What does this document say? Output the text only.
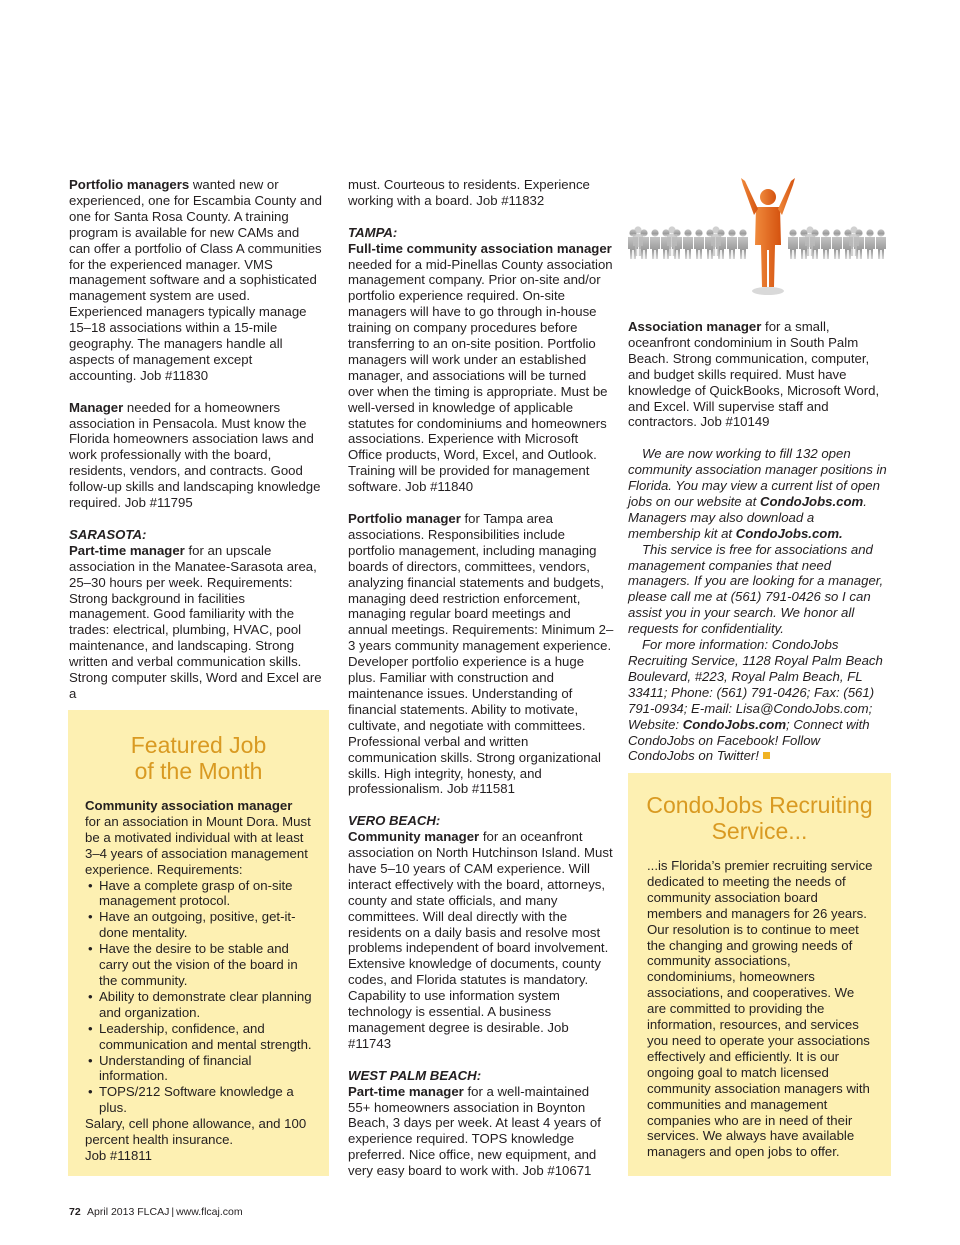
Portfolio managers wanted new or experienced, one for Escambia County and one for Santa Rosa County. A training program is available for new CAMs and can offer a portfolio of Class A communities for the experienced manager. VMS management software and a sophisticated management system are used. Experienced managers typically manage 15–18 associations within a 15-mile geography. The managers handle all aspects of management except accounting. Job #11830

Manager needed for a homeowners association in Pensacola. Must know the Florida homeowners association laws and work professionally with the board, residents, vendors, and contracts. Good follow-up skills and landscaping knowledge required. Job #11795

SARASOTA:

Part-time manager for an upscale association in the Manatee-Sarasota area, 25–30 hours per week. Requirements: Strong background in facilities management. Good familiarity with the trades: electrical, plumbing, HVAC, pool maintenance, and landscaping. Strong written and verbal communication skills. Strong computer skills, Word and Excel are a

Featured Job
of the Month

Community association manager
for an association in Mount Dora. Must be a motivated individual with at least 3–4 years of association management experience. Requirements:

• Have a complete grasp of on-site management protocol.
• Have an outgoing, positive, get-it-done mentality.
• Have the desire to be stable and carry out the vision of the board in the community.
• Ability to demonstrate clear planning and organization.
• Leadership, confidence, and communication and mental strength.
• Understanding of financial information.
• TOPS/212 Software knowledge a plus.

Salary, cell phone allowance, and 100 percent health insurance.

Job #11811

must. Courteous to residents. Experience working with a board. Job #11832

TAMPA:

Full-time community association manager needed for a mid-Pinellas County association management company. Prior on-site and/or portfolio experience required. On-site managers will have to go through in-house training on company procedures before transferring to an on-site position. Portfolio managers will work under an established manager, and associations will be turned over when the timing is appropriate. Must be well-versed in knowledge of applicable statutes for condominiums and homeowners associations. Experience with Microsoft Office products, Word, Excel, and Outlook. Training will be provided for management software. Job #11840

Portfolio manager for Tampa area associations. Responsibilities include portfolio management, including managing boards of directors, committees, vendors, analyzing financial statements and budgets, managing deed restriction enforcement, managing regular board meetings and annual meetings. Requirements: Minimum 2–3 years community management experience. Developer portfolio experience is a huge plus. Familiar with construction and maintenance issues. Understanding of financial statements. Ability to motivate, cultivate, and negotiate with committees. Professional verbal and written communication skills. Strong organizational skills. High integrity, honesty, and professionalism. Job #11581

VERO BEACH:

Community manager for an oceanfront association on North Hutchinson Island. Must have 5–10 years of CAM experience. Will interact effectively with the board, attorneys, county and state officials, and many committees. Will deal directly with the residents on a daily basis and resolve most problems independent of board involvement. Extensive knowledge of documents, county codes, and Florida statutes is mandatory. Capability to use information system technology is essential. A business management degree is desirable. Job #11743

WEST PALM BEACH:

Part-time manager for a well-maintained 55+ homeowners association in Boynton Beach, 3 days per week. At least 4 years of experience required. TOPS knowledge preferred. Nice office, new equipment, and very easy board to work with. Job #10671

Association manager for a small, oceanfront condominium in South Palm Beach. Strong communication, computer, and budget skills required. Must have knowledge of QuickBooks, Microsoft Word, and Excel. Will supervise staff and contractors. Job #10149

We are now working to fill 132 open community association manager positions in Florida. You may view a current list of open jobs on our website at CondoJobs.com. Managers may also download a membership kit at CondoJobs.com.

This service is free for associations and management companies that need managers. If you are looking for a manager, please call me at (561) 791-0426 so I can assist you in your search. We honor all requests for confidentiality.

For more information: CondoJobs Recruiting Service, 1128 Royal Palm Beach Boulevard, #223, Royal Palm Beach, FL 33411; Phone: (561) 791-0426; Fax: (561) 791-0934; E-mail: Lisa@CondoJobs.com; Website: CondoJobs.com; Connect with CondoJobs on Facebook! Follow CondoJobs on Twitter!

CondoJobs Recruiting
Service...

...is Florida’s premier recruiting service dedicated to meeting the needs of community association board members and managers for 26 years. Our resolution is to continue to meet the changing and growing needs of community associations, condominiums, homeowners associations, and cooperatives. We are committed to providing the information, resources, and services you need to operate your associations effectively and efficiently. It is our ongoing goal to match licensed community association managers with communities and management companies who are in need of their services. We always have available managers and open jobs to offer.

72 April 2013 FLCAJ | www.flcaj.com
